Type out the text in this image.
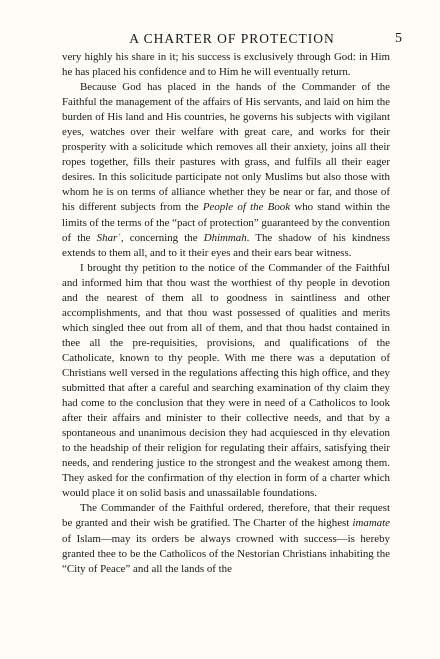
A CHARTER OF PROTECTION	5

very highly his share in it; his success is exclusively through God: in Him he has placed his confidence and to Him he will eventually return.

Because God has placed in the hands of the Commander of the Faithful the management of the affairs of His servants, and laid on him the burden of His land and His countries, he governs his subjects with vigilant eyes, watches over their welfare with great care, and works for their prosperity with a solicitude which removes all their anxiety, joins all their ropes together, fills their pastures with grass, and fulfils all their eager desires. In this solicitude participate not only Muslims but also those with whom he is on terms of alliance whether they be near or far, and those of his different subjects from the People of the Book who stand within the limits of the terms of the “pact of protection” guaranteed by the convention of the Sharʿ, concerning the Dhimmah. The shadow of his kindness extends to them all, and to it their eyes and their ears bear witness.

I brought thy petition to the notice of the Commander of the Faithful and informed him that thou wast the worthiest of thy people in devotion and the nearest of them all to goodness in saintliness and other accomplishments, and that thou wast possessed of qualities and merits which singled thee out from all of them, and that thou hadst contained in thee all the pre-requisities, provisions, and qualifications of the Catholicate, known to thy people. With me there was a deputation of Christians well versed in the regulations affecting this high office, and they submitted that after a careful and searching examination of thy claim they had come to the conclusion that they were in need of a Catholicos to look after their affairs and minister to their collective needs, and that by a spontaneous and unanimous decision they had acquiesced in thy elevation to the headship of their religion for regulating their affairs, satisfying their needs, and rendering justice to the strongest and the weakest among them. They asked for the confirmation of thy election in form of a charter which would place it on solid basis and unassailable foundations.

The Commander of the Faithful ordered, therefore, that their request be granted and their wish be gratified. The Charter of the highest imamate of Islam—may its orders be always crowned with success—is hereby granted thee to be the Catholicos of the Nestorian Christians inhabiting the “City of Peace” and all the lands of the
